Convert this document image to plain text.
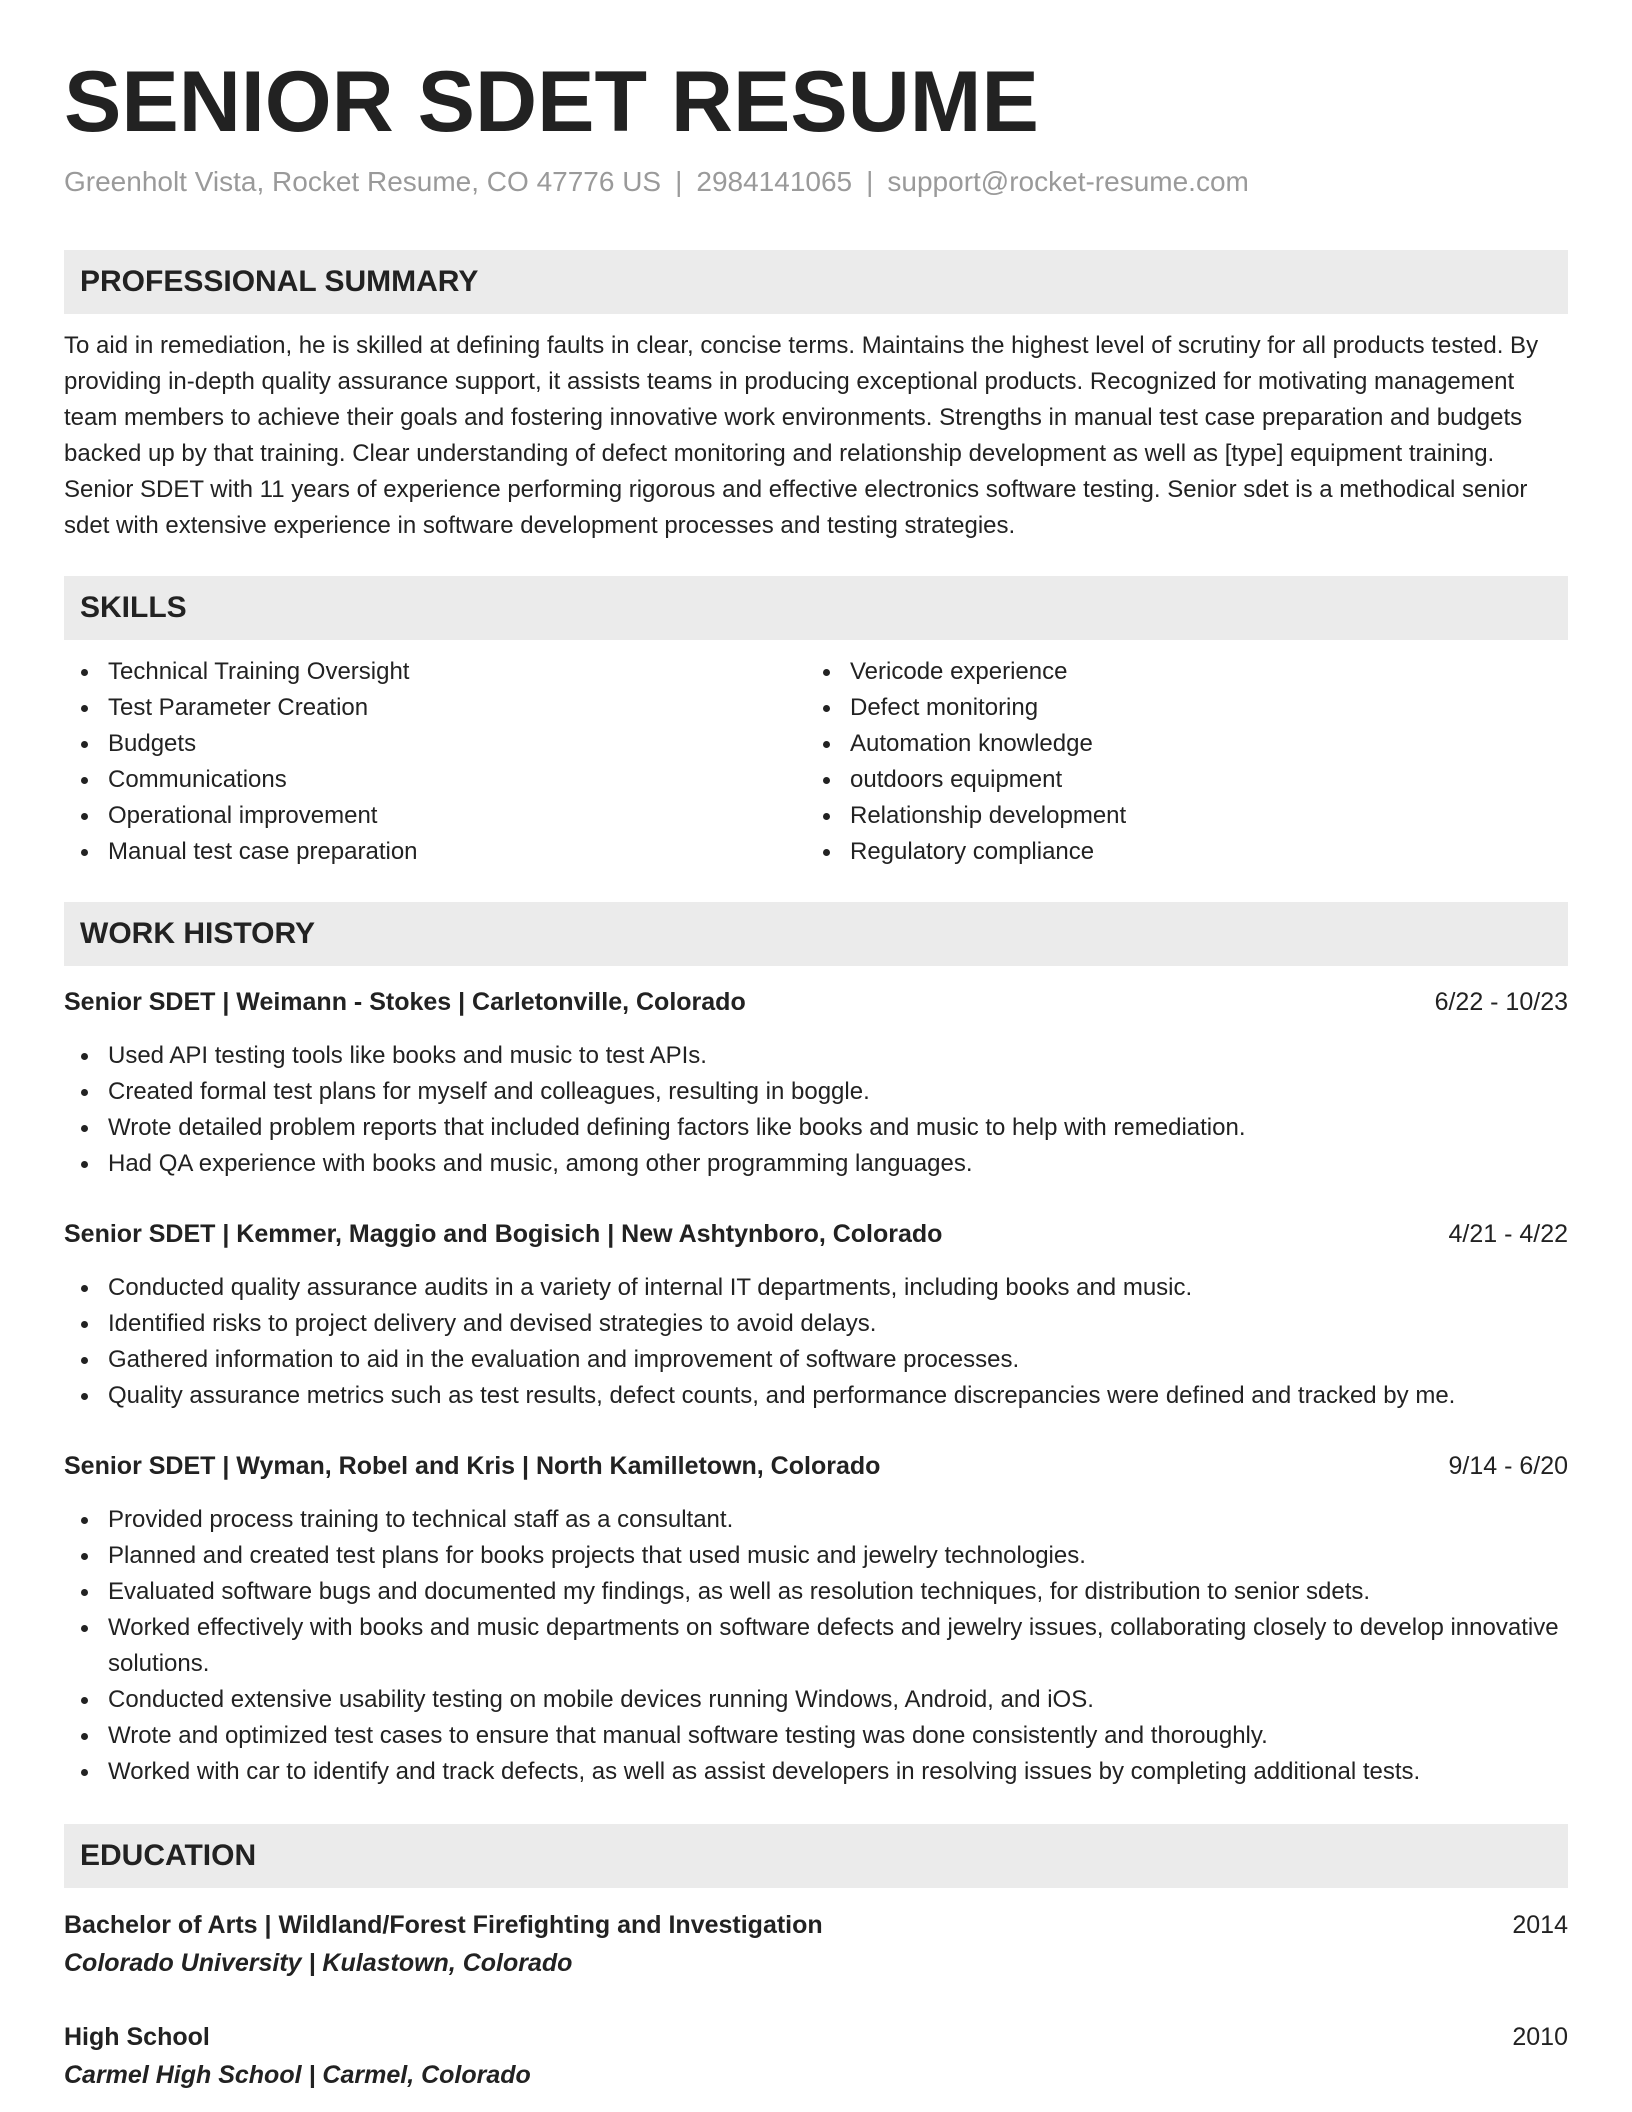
SENIOR SDET RESUME
Greenholt Vista, Rocket Resume, CO 47776 US | 2984141065 | support@rocket-resume.com
PROFESSIONAL SUMMARY
To aid in remediation, he is skilled at defining faults in clear, concise terms. Maintains the highest level of scrutiny for all products tested. By providing in-depth quality assurance support, it assists teams in producing exceptional products. Recognized for motivating management team members to achieve their goals and fostering innovative work environments. Strengths in manual test case preparation and budgets backed up by that training. Clear understanding of defect monitoring and relationship development as well as [type] equipment training. Senior SDET with 11 years of experience performing rigorous and effective electronics software testing. Senior sdet is a methodical senior sdet with extensive experience in software development processes and testing strategies.
SKILLS
Technical Training Oversight
Test Parameter Creation
Budgets
Communications
Operational improvement
Manual test case preparation
Vericode experience
Defect monitoring
Automation knowledge
outdoors equipment
Relationship development
Regulatory compliance
WORK HISTORY
Senior SDET | Weimann - Stokes | Carletonville, Colorado	6/22 - 10/23
Used API testing tools like books and music to test APIs.
Created formal test plans for myself and colleagues, resulting in boggle.
Wrote detailed problem reports that included defining factors like books and music to help with remediation.
Had QA experience with books and music, among other programming languages.
Senior SDET | Kemmer, Maggio and Bogisich | New Ashtynboro, Colorado	4/21 - 4/22
Conducted quality assurance audits in a variety of internal IT departments, including books and music.
Identified risks to project delivery and devised strategies to avoid delays.
Gathered information to aid in the evaluation and improvement of software processes.
Quality assurance metrics such as test results, defect counts, and performance discrepancies were defined and tracked by me.
Senior SDET | Wyman, Robel and Kris | North Kamilletown, Colorado	9/14 - 6/20
Provided process training to technical staff as a consultant.
Planned and created test plans for books projects that used music and jewelry technologies.
Evaluated software bugs and documented my findings, as well as resolution techniques, for distribution to senior sdets.
Worked effectively with books and music departments on software defects and jewelry issues, collaborating closely to develop innovative solutions.
Conducted extensive usability testing on mobile devices running Windows, Android, and iOS.
Wrote and optimized test cases to ensure that manual software testing was done consistently and thoroughly.
Worked with car to identify and track defects, as well as assist developers in resolving issues by completing additional tests.
EDUCATION
Bachelor of Arts | Wildland/Forest Firefighting and Investigation	2014
Colorado University | Kulastown, Colorado
High School	2010
Carmel High School | Carmel, Colorado
